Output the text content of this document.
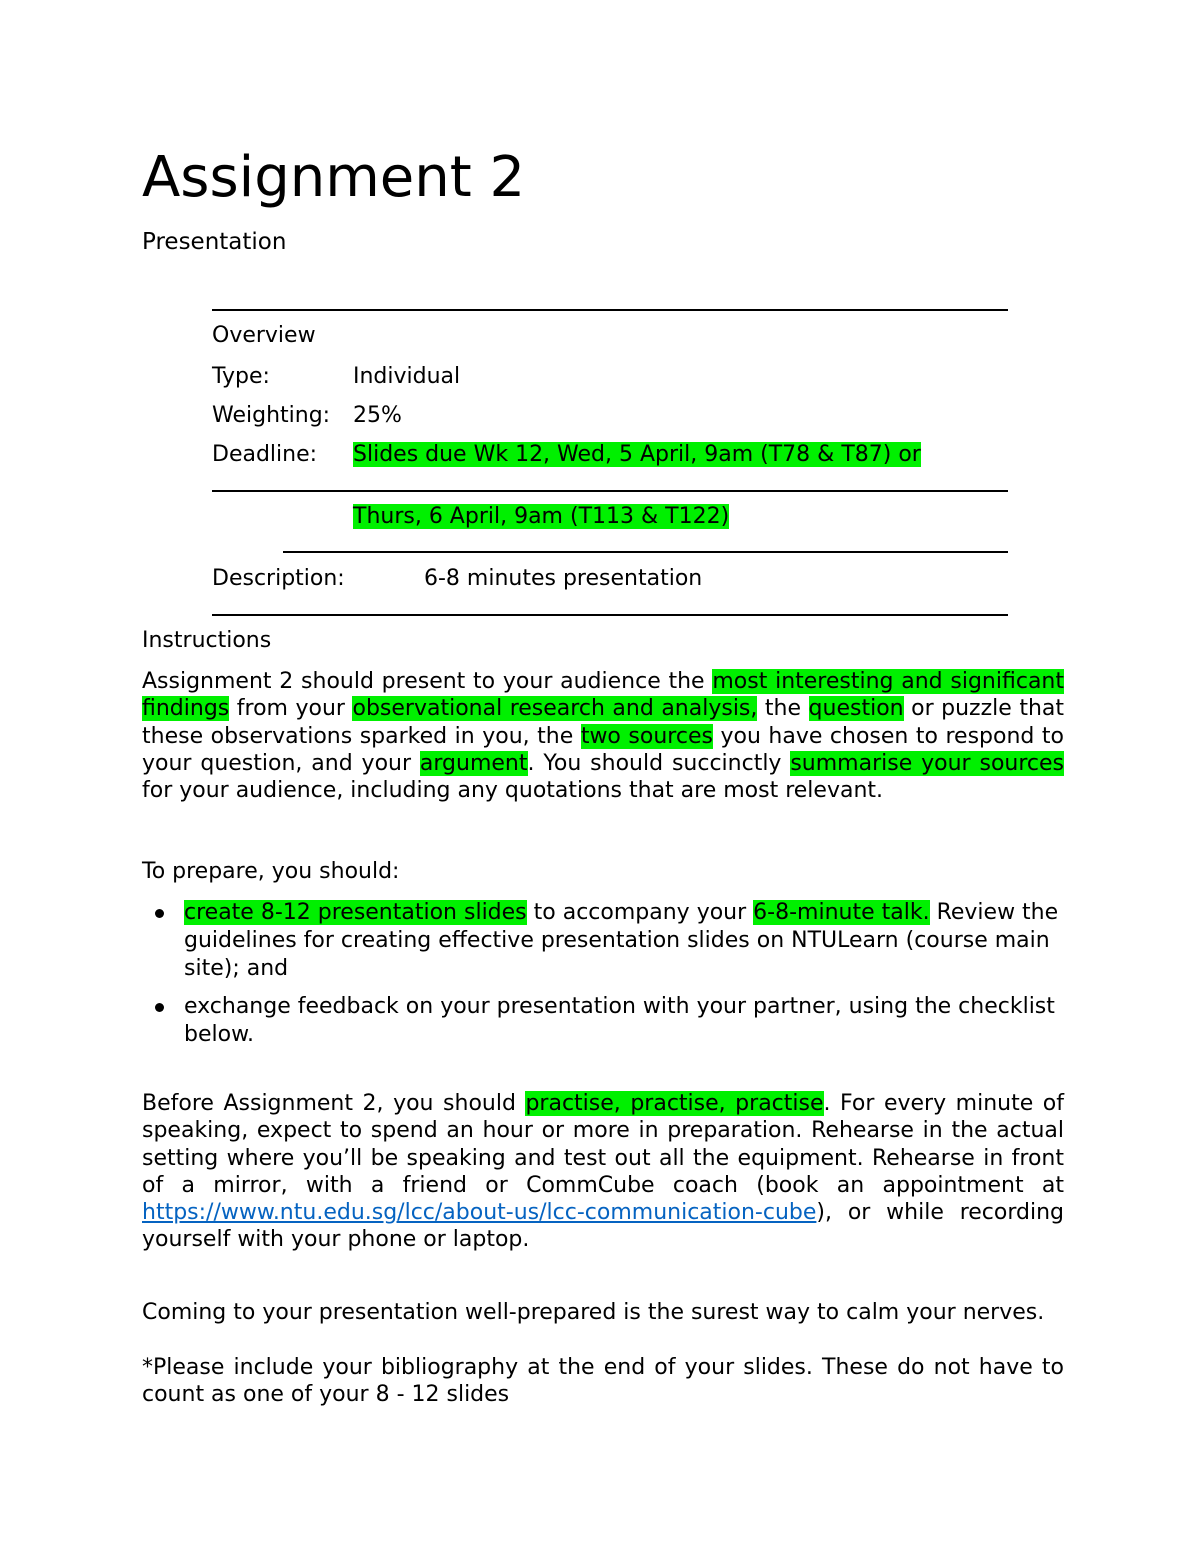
Assignment 2
Presentation
Overview
Type:	Individual
Weighting: 25%
Deadline: Slides due Wk 12, Wed, 5 April, 9am (T78 & T87) or
Thurs, 6 April, 9am (T113 & T122)
Description:	6-8 minutes presentation
Instructions
Assignment 2 should present to your audience the most interesting and significant findings from your observational research and analysis, the question or puzzle that these observations sparked in you, the two sources you have chosen to respond to your question, and your argument. You should succinctly summarise your sources for your audience, including any quotations that are most relevant.
To prepare, you should:
create 8-12 presentation slides to accompany your 6-8-minute talk. Review the guidelines for creating effective presentation slides on NTULearn (course main site); and
exchange feedback on your presentation with your partner, using the checklist below.
Before Assignment 2, you should practise, practise, practise. For every minute of speaking, expect to spend an hour or more in preparation. Rehearse in the actual setting where you’ll be speaking and test out all the equipment. Rehearse in front of a mirror, with a friend or CommCube coach (book an appointment at https://www.ntu.edu.sg/lcc/about-us/lcc-communication-cube), or while recording yourself with your phone or laptop.
Coming to your presentation well-prepared is the surest way to calm your nerves.
*Please include your bibliography at the end of your slides. These do not have to count as one of your 8 - 12 slides
